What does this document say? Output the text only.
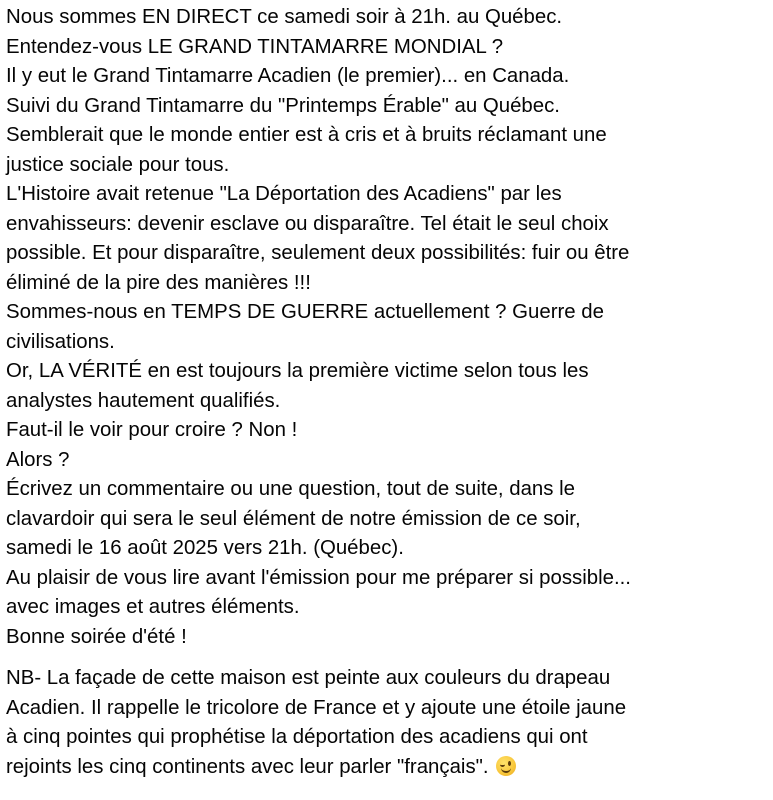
Nous sommes EN DIRECT ce samedi soir à 21h. au Québec.
Entendez-vous LE GRAND TINTAMARRE MONDIAL ?
Il y eut le Grand Tintamarre Acadien (le premier)... en Canada.
Suivi du Grand Tintamarre du "Printemps Érable" au Québec.
Semblerait que le monde entier est à cris et à bruits réclamant une
justice sociale pour tous.
L'Histoire avait retenue "La Déportation des Acadiens" par les
envahisseurs: devenir esclave ou disparaître. Tel était le seul choix
possible. Et pour disparaître, seulement deux possibilités: fuir ou être
éliminé de la pire des manières !!!
Sommes-nous en TEMPS DE GUERRE actuellement ? Guerre de
civilisations.
Or, LA VÉRITÉ en est toujours la première victime selon tous les
analystes hautement qualifiés.
Faut-il le voir pour croire ? Non !
Alors ?
Écrivez un commentaire ou une question, tout de suite, dans le
clavardoir qui sera le seul élément de notre émission de ce soir,
samedi le 16 août 2025 vers 21h. (Québec).
Au plaisir de vous lire avant l'émission pour me préparer si possible...
avec images et autres éléments.
Bonne soirée d'été !
NB- La façade de cette maison est peinte aux couleurs du drapeau
Acadien. Il rappelle le tricolore de France et y ajoute une étoile jaune
à cinq pointes qui prophétise la déportation des acadiens qui ont
rejoints les cinq continents avec leur parler "français".
